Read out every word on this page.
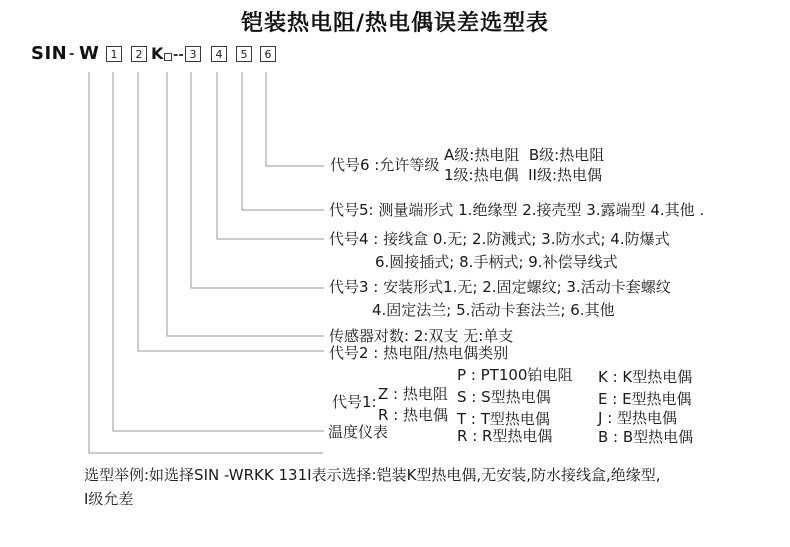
铠装热电阻/热电偶误差选型表
SIN - W	1	2 K -- 3	4	5	6
代号6 :允许等级
A级:热电阻  B级:热电阻
1级:热电偶  II级:热电偶
代号5: 测量端形式 1.绝缘型 2.接壳型 3.露端型 4.其他 .
代号4 : 接线盒 0.无; 2.防溅式; 3.防水式; 4.防爆式
6.圆接插式; 8.手柄式; 9.补偿导线式
代号3 : 安装形式1.无; 2.固定螺纹; 3.活动卡套螺纹
4.固定法兰; 5.活动卡套法兰; 6.其他
传感器对数: 2:双支 无:单支
代号2 : 热电阻/热电偶类别
代号1: Z : 热电阻
R : 热电偶
P : PT100铂电阻
S : S型热电偶
T : T型热电偶
R : R型热电偶
K : K型热电偶
E : E型热电偶
J : 型热电偶
B : B型热电偶
温度仪表
选型举例:如选择SIN -WRKK 131I表示选择:铠装K型热电偶,无安装,防水接线盒,绝缘型,
I级允差
